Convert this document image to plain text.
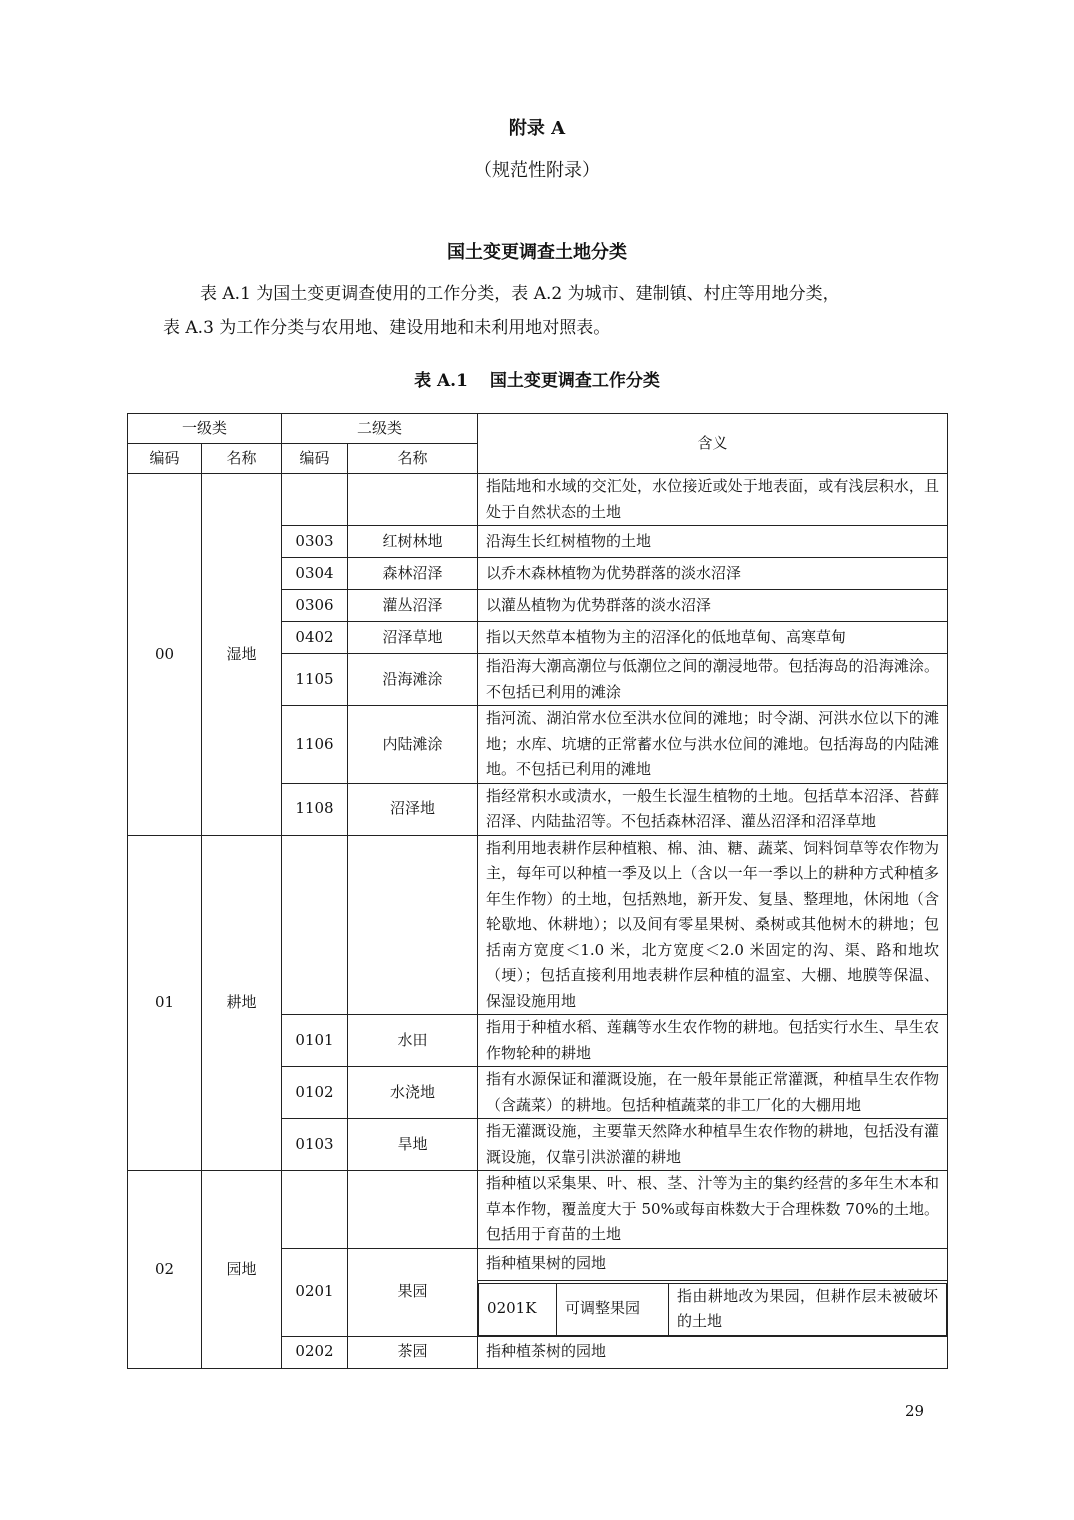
附录 A
（规范性附录）
国土变更调查土地分类
表 A.1 为国土变更调查使用的工作分类，表 A.2 为城市、建制镇、村庄等用地分类，
表 A.3 为工作分类与农用地、建设用地和未利用地对照表。
表 A.1 国土变更调查工作分类
一级类	二级类	含义
编码	名称	编码	名称
00	湿地			指陆地和水域的交汇处，水位接近或处于地表面，或有浅层积水，且处于自然状态的土地
0303	红树林地	沿海生长红树植物的土地
0304	森林沼泽	以乔木森林植物为优势群落的淡水沼泽
0306	灌丛沼泽	以灌丛植物为优势群落的淡水沼泽
0402	沼泽草地	指以天然草本植物为主的沼泽化的低地草甸、高寒草甸
1105	沿海滩涂	指沿海大潮高潮位与低潮位之间的潮浸地带。包括海岛的沿海滩涂。不包括已利用的滩涂
1106	内陆滩涂	指河流、湖泊常水位至洪水位间的滩地；时令湖、河洪水位以下的滩地；水库、坑塘的正常蓄水位与洪水位间的滩地。包括海岛的内陆滩地。不包括已利用的滩地
1108	沼泽地	指经常积水或渍水，一般生长湿生植物的土地。包括草本沼泽、苔藓沼泽、内陆盐沼等。不包括森林沼泽、灌丛沼泽和沼泽草地
01	耕地			指利用地表耕作层种植粮、棉、油、糖、蔬菜、饲料饲草等农作物为主，每年可以种植一季及以上（含以一年一季以上的耕种方式种植多年生作物）的土地，包括熟地，新开发、复垦、整理地，休闲地（含轮歇地、休耕地）；以及间有零星果树、桑树或其他树木的耕地；包括南方宽度＜1.0 米，北方宽度＜2.0 米固定的沟、渠、路和地坎（埂）；包括直接利用地表耕作层种植的温室、大棚、地膜等保温、保湿设施用地
0101	水田	指用于种植水稻、莲藕等水生农作物的耕地。包括实行水生、旱生农作物轮种的耕地
0102	水浇地	指有水源保证和灌溉设施，在一般年景能正常灌溉，种植旱生农作物（含蔬菜）的耕地。包括种植蔬菜的非工厂化的大棚用地
0103	旱地	指无灌溉设施，主要靠天然降水种植旱生农作物的耕地，包括没有灌溉设施，仅靠引洪淤灌的耕地
02	园地			指种植以采集果、叶、根、茎、汁等为主的集约经营的多年生木本和草本作物，覆盖度大于 50%或每亩株数大于合理株数 70%的土地。包括用于育苗的土地
0201	果园	指种植果树的园地

0201K	可调整果园	指由耕地改为果园，但耕作层未被破坏的土地

0202	茶园	指种植茶树的园地
29
